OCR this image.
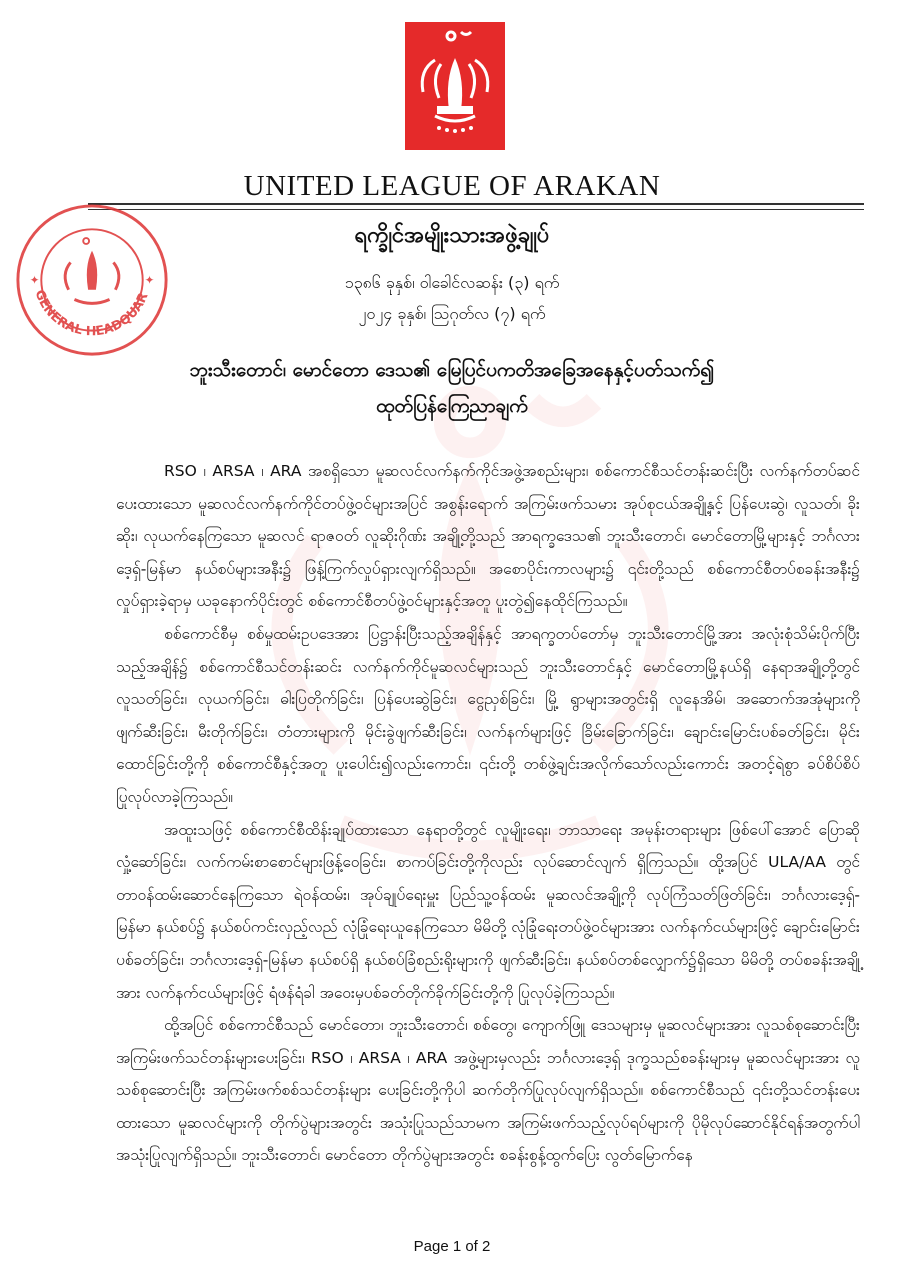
UNITED LEAGUE OF ARAKAN
✦	✦
GENERAL HEADQUAR
ရက္ခိုင်အမျိုးသားအဖွဲ့ချုပ်
၁၃၈၆ ခုနှစ်၊ ဝါခေါင်လဆန်း (၃) ရက်
၂၀၂၄ ခုနှစ်၊ ဩဂုတ်လ (၇) ရက်
ဘူးသီးတောင်၊ မောင်တော ဒေသ၏ မြေပြင်ပကတိအခြေအနေနှင့်ပတ်သက်၍
ထုတ်ပြန်ကြေညာချက်

RSO ၊ ARSA ၊ ARA အစရှိသော မူဆလင်လက်နက်ကိုင်အဖွဲ့အစည်းများ၊ စစ်ကောင်စီသင်တန်းဆင်းပြီး လက်နက်တပ်ဆင်ပေးထားသော မူဆလင်လက်နက်ကိုင်တပ်ဖွဲ့ဝင်များအပြင် အစွန်းရောက် အကြမ်းဖက်သမား အုပ်စုငယ်အချို့နှင့် ပြန်ပေးဆွဲ၊ လူသတ်၊ ခိုးဆိုး၊ လုယက်နေကြသော မူဆလင် ရာဇဝတ် လူဆိုးဂိုဏ်း အချို့တို့သည် အာရက္ခဒေသ၏ ဘူးသီးတောင်၊ မောင်တောမြို့များနှင့် ဘင်္ဂလားဒေ့ရှ်-မြန်မာ နယ်စပ်များအနီး၌ ဖြန့်ကြက်လှုပ်ရှားလျက်ရှိသည်။ အစောပိုင်းကာလများ၌ ၎င်းတို့သည် စစ်ကောင်စီတပ်စခန်းအနီး၌ လှုပ်ရှားခဲ့ရာမှ ယခုနောက်ပိုင်းတွင် စစ်ကောင်စီတပ်ဖွဲ့ဝင်များနှင့်အတူ ပူးတွဲ၍နေထိုင်ကြသည်။

စစ်ကောင်စီမှ စစ်မှုထမ်းဥပဒေအား ပြဋ္ဌာန်းပြီးသည့်အချိန်နှင့် အာရက္ခတပ်တော်မှ ဘူးသီးတောင်မြို့အား အလုံးစုံသိမ်းပိုက်ပြီးသည့်အချိန်၌ စစ်ကောင်စီသင်တန်းဆင်း လက်နက်ကိုင်မူဆလင်များသည် ဘူးသီးတောင်နှင့် မောင်တောမြို့နယ်ရှိ နေရာအချို့တို့တွင် လူသတ်ခြင်း၊ လုယက်ခြင်း၊ ဓါးပြတိုက်ခြင်း၊ ပြန်ပေးဆွဲခြင်း၊ ငွေညှစ်ခြင်း၊ မြို့ ရွာများအတွင်းရှိ လူနေအိမ်၊ အဆောက်အအုံများကို ဖျက်ဆီးခြင်း၊ မီးတိုက်ခြင်း၊ တံတားများကို မိုင်းခွဲဖျက်ဆီးခြင်း၊ လက်နက်များဖြင့် ခြိမ်းခြောက်ခြင်း၊ ချောင်းမြောင်းပစ်ခတ်ခြင်း၊ မိုင်းထောင်ခြင်းတို့ကို စစ်ကောင်စီနှင့်အတူ ပူးပေါင်း၍လည်းကောင်း၊ ၎င်းတို့ တစ်ဖွဲ့ချင်းအလိုက်သော်လည်းကောင်း အတင့်ရဲစွာ ခပ်စိပ်စိပ် ပြုလုပ်လာခဲ့ကြသည်။

အထူးသဖြင့် စစ်ကောင်စီထိန်းချုပ်ထားသော နေရာတို့တွင် လူမျိုးရေး၊ ဘာသာရေး အမုန်းတရားများ ဖြစ်ပေါ်အောင် ပြောဆိုလှုံ့ဆော်ခြင်း၊ လက်ကမ်းစာစောင်များဖြန့်ဝေခြင်း၊ စာကပ်ခြင်းတို့ကိုလည်း လုပ်ဆောင်လျက် ရှိကြသည်။ ထို့အပြင် ULA/AA တွင် တာဝန်ထမ်းဆောင်နေကြသော ရဲဝန်ထမ်း၊ အုပ်ချုပ်ရေးမှူး ပြည်သူ့ဝန်ထမ်း မူဆလင်အချို့ကို လုပ်ကြံသတ်ဖြတ်ခြင်း၊ ဘင်္ဂလားဒေ့ရှ်-မြန်မာ နယ်စပ်၌ နယ်စပ်ကင်းလှည့်လည် လုံခြုံရေးယူနေကြသော မိမိတို့ လုံခြုံရေးတပ်ဖွဲ့ဝင်များအား လက်နက်ငယ်များဖြင့် ချောင်းမြောင်းပစ်ခတ်ခြင်း၊ ဘင်္ဂလားဒေ့ရှ်-မြန်မာ နယ်စပ်ရှိ နယ်စပ်ခြံစည်းရိုးများကို ဖျက်ဆီးခြင်း၊ နယ်စပ်တစ်လျှောက်၌ရှိသော မိမိတို့ တပ်စခန်းအချို့အား လက်နက်ငယ်များဖြင့် ရံဖန်ရံခါ အဝေးမှပစ်ခတ်တိုက်ခိုက်ခြင်းတို့ကို ပြုလုပ်ခဲ့ကြသည်။

ထို့အပြင် စစ်ကောင်စီသည် မောင်တော၊ ဘူးသီးတောင်၊ စစ်တွေ၊ ကျောက်ဖြူ ဒေသများမှ မူဆလင်များအား လူသစ်စုဆောင်းပြီး အကြမ်းဖက်သင်တန်းများပေးခြင်း၊ RSO ၊ ARSA ၊ ARA အဖွဲ့များမှလည်း ဘင်္ဂလားဒေ့ရှ် ဒုက္ခသည်စခန်းများမှ မူဆလင်များအား လူသစ်စုဆောင်းပြီး အကြမ်းဖက်စစ်သင်တန်းများ ပေးခြင်းတို့ကိုပါ ဆက်တိုက်ပြုလုပ်လျက်ရှိသည်။ စစ်ကောင်စီသည် ၎င်းတို့သင်တန်းပေးထားသော မူဆလင်များကို တိုက်ပွဲများအတွင်း အသုံးပြုသည်သာမက အကြမ်းဖက်သည့်လုပ်ရပ်များကို ပိုမိုလုပ်ဆောင်နိုင်ရန်အတွက်ပါ အသုံးပြုလျက်ရှိသည်။ ဘူးသီးတောင်၊ မောင်တော တိုက်ပွဲများအတွင်း စခန်းစွန့်ထွက်ပြေး လွတ်မြောက်နေ

Page 1 of 2
